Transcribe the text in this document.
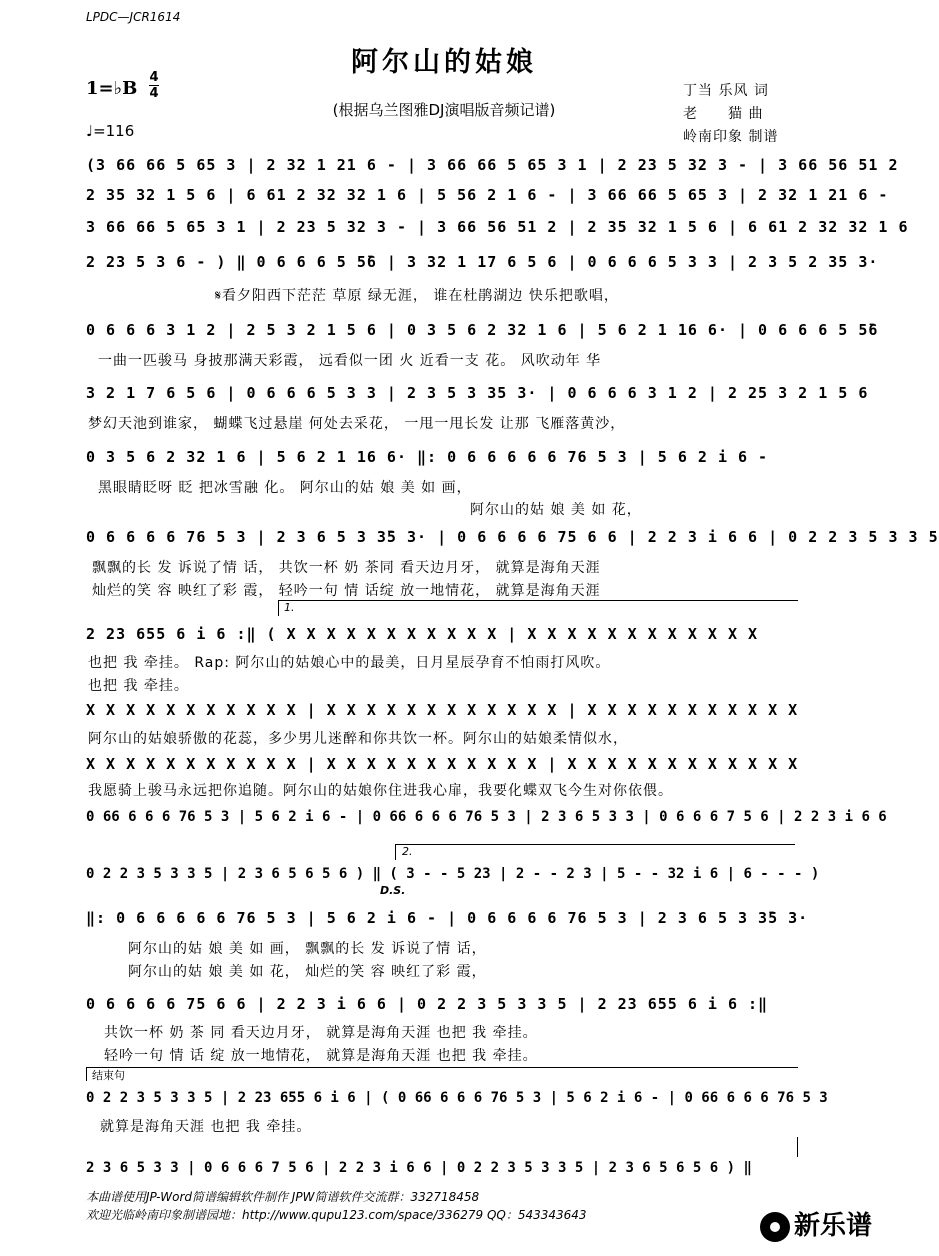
LPDC—JCR1614
阿尔山的姑娘
(根据乌兰图雅DJ演唱版音频记谱)
1=♭B
4
4
♩=116
丁当 乐风 词
老　　猫 曲
岭南印象 制谱
(3 66 66 5 65 3 | 2 32 1 21 6 - | 3 66 66 5 65 3 1 | 2 23 5 32 3 - | 3 66 56 51 2
2 35 32 1 5 6 | 6 61 2 32 32 1 6 | 5 56 2 1 6 - | 3 66 66 5 65 3 | 2 32 1 21 6 -
3 66 66 5 65 3 1 | 2 23 5 32 3 - | 3 66 56 51 2 | 2 35 32 1 5 6 | 6 61 2 32 32 1 6
2 23 5 3 6 - ) ‖ 0 6 6 6 5 5̄6 | 3 32 1 17 6 5 6 | 0 6 6 6 5 3 3 | 2 3 5 2 35 3·
𝄋看夕阳西下茫茫 草原 绿无涯， 谁在杜鹃湖边 快乐把歌唱，
0 6 6 6 3 1 2 | 2 5 3 2 1 5 6 | 0 3 5 6 2 32 1 6 | 5 6 2 1 16 6· | 0 6 6 6 5 5̄6
一曲一匹骏马 身披那满天彩霞， 远看似一团 火 近看一支 花。 风吹动年 华
3 2 1 7 6 5 6 | 0 6 6 6 5 3 3 | 2 3 5 3 35 3· | 0 6 6 6 3 1 2 | 2 25 3 2 1 5 6
梦幻天池到谁家， 蝴蝶飞过悬崖 何处去采花， 一甩一甩长发 让那 飞雁落黄沙，
0 3 5 6 2 32 1 6 | 5 6 2 1 16 6· ‖: 0 6 6 6 6 6 76 5 3 | 5 6 2 i 6 -
黑眼睛眨呀 眨 把冰雪融 化。 阿尔山的姑 娘 美 如 画，
阿尔山的姑 娘 美 如 花，
0 6 6 6 6 76 5 3 | 2 3 6 5 3 3̄5 3· | 0 6 6 6 6 75 6 6 | 2 2 3 i 6 6 | 0 2 2 3 5 3 3 5
飘飘的长 发 诉说了情 话， 共饮一杯 奶 茶同 看天边月牙， 就算是海角天涯
灿烂的笑 容 映红了彩 霞， 轻吟一句 情 话绽 放一地情花， 就算是海角天涯
1.
2 23 655 6 i 6 :‖ ( X X X X X X X X X X X | X X X X X X X X X X X X
也把 我 牵挂。 Rap: 阿尔山的姑娘心中的最美，日月星辰孕育不怕雨打风吹。
也把 我 牵挂。
X X X X X X X X X X X | X X X X X X X X X X X X | X X X X X X X X X X X
阿尔山的姑娘骄傲的花蕊，多少男儿迷醉和你共饮一杯。阿尔山的姑娘柔情似水，
X X X X X X X X X X X | X X X X X X X X X X X | X X X X X X X X X X X X
我愿骑上骏马永远把你追随。阿尔山的姑娘你住进我心扉，我要化蝶双飞今生对你依偎。
0 66 6 6 6 76 5 3 | 5 6 2 i 6 - | 0 66 6 6 6 76 5 3 | 2 3 6 5 3 3 | 0 6 6 6 7 5 6 | 2 2 3 i 6 6
2.
0 2 2 3 5 3 3 5 | 2 3 6 5 6 5 6 ) ‖ ( 3 - - 5 23 | 2 - - 2 3 | 5 - - 32 i 6 | 6 - - - )
D.S.
‖: 0 6 6 6 6 6 76 5 3 | 5 6 2 i 6 - | 0 6 6 6 6 76 5 3 | 2 3 6 5 3 3̄5 3·
阿尔山的姑 娘 美 如 画， 飘飘的长 发 诉说了情 话，
阿尔山的姑 娘 美 如 花， 灿烂的笑 容 映红了彩 霞，
0 6 6 6 6 75 6 6 | 2 2 3 i 6 6 | 0 2 2 3 5 3 3 5 | 2 23 655 6 i 6 :‖
共饮一杯 奶 茶 同 看天边月牙， 就算是海角天涯 也把 我 牵挂。
轻吟一句 情 话 绽 放一地情花， 就算是海角天涯 也把 我 牵挂。
结束句
0 2 2 3 5 3 3 5 | 2 23 655 6 i 6 | ( 0 66 6 6 6 76 5 3 | 5 6 2 i 6 - | 0 66 6 6 6 76 5 3
就算是海角天涯 也把 我 牵挂。
2 3 6 5 3 3 | 0 6 6 6 7 5 6 | 2 2 3 i 6 6 | 0 2 2 3 5 3 3 5 | 2 3 6 5 6 5 6 ) ‖
本曲谱使用JP-Word简谱编辑软件制作 JPW简谱软件交流群：332718458
欢迎光临岭南印象制谱园地：http://www.qupu123.com/space/336279 QQ：543343643	新乐谱
